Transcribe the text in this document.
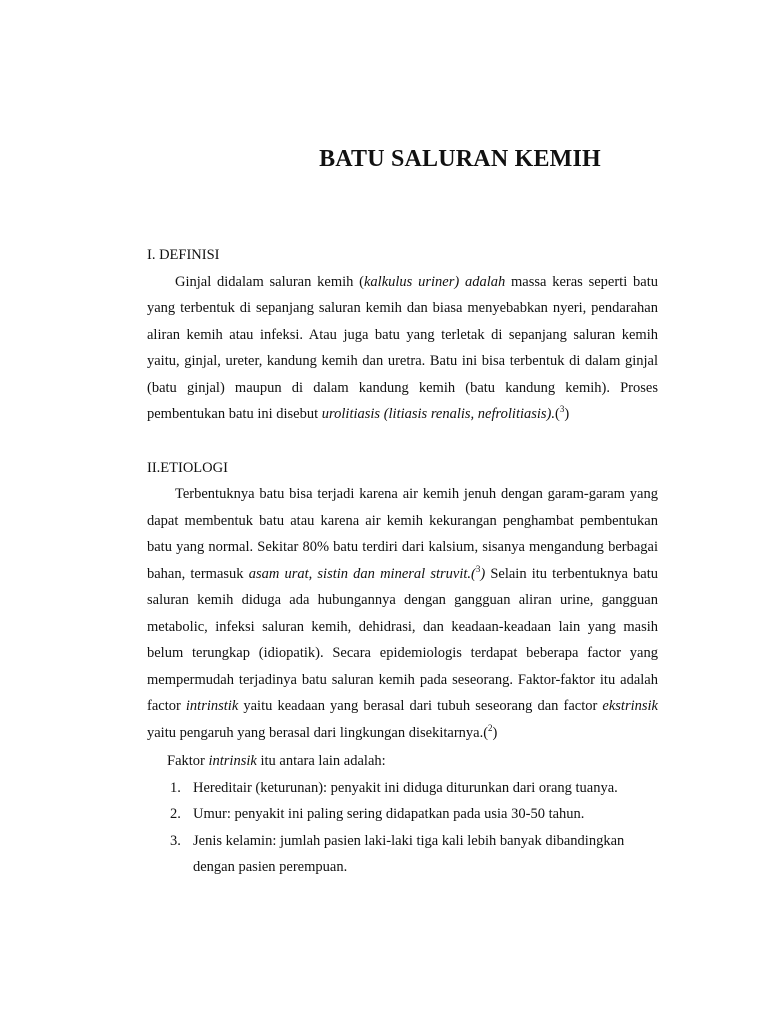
BATU SALURAN KEMIH

I. DEFINISI

Ginjal didalam saluran kemih (kalkulus uriner) adalah massa keras seperti batu yang terbentuk di sepanjang saluran kemih dan biasa menyebabkan nyeri, pendarahan aliran kemih atau infeksi. Atau juga batu yang terletak di sepanjang saluran kemih yaitu, ginjal, ureter, kandung kemih dan uretra. Batu ini bisa terbentuk di dalam ginjal (batu ginjal) maupun di dalam kandung kemih (batu kandung kemih). Proses pembentukan batu ini disebut urolitiasis (litiasis renalis, nefrolitiasis).($^3$)

II.ETIOLOGI

Terbentuknya batu bisa terjadi karena air kemih jenuh dengan garam-garam yang dapat membentuk batu atau karena air kemih kekurangan penghambat pembentukan batu yang normal. Sekitar 80% batu terdiri dari kalsium, sisanya mengandung berbagai bahan, termasuk asam urat, sistin dan mineral struvit.($^3$) Selain itu terbentuknya batu saluran kemih diduga ada hubungannya dengan gangguan aliran urine, gangguan metabolic, infeksi saluran kemih, dehidrasi, dan keadaan-keadaan lain yang masih belum terungkap (idiopatik). Secara epidemiologis terdapat beberapa factor yang mempermudah terjadinya batu saluran kemih pada seseorang. Faktor-faktor itu adalah factor intrinstik yaitu keadaan yang berasal dari tubuh seseorang dan factor ekstrinsik yaitu pengaruh yang berasal dari lingkungan disekitarnya.($^2$)

Faktor intrinsik itu antara lain adalah:

1. Hereditair (keturunan): penyakit ini diduga diturunkan dari orang tuanya.
2. Umur: penyakit ini paling sering didapatkan pada usia 30-50 tahun.
3. Jenis kelamin: jumlah pasien laki-laki tiga kali lebih banyak dibandingkan dengan pasien perempuan.
